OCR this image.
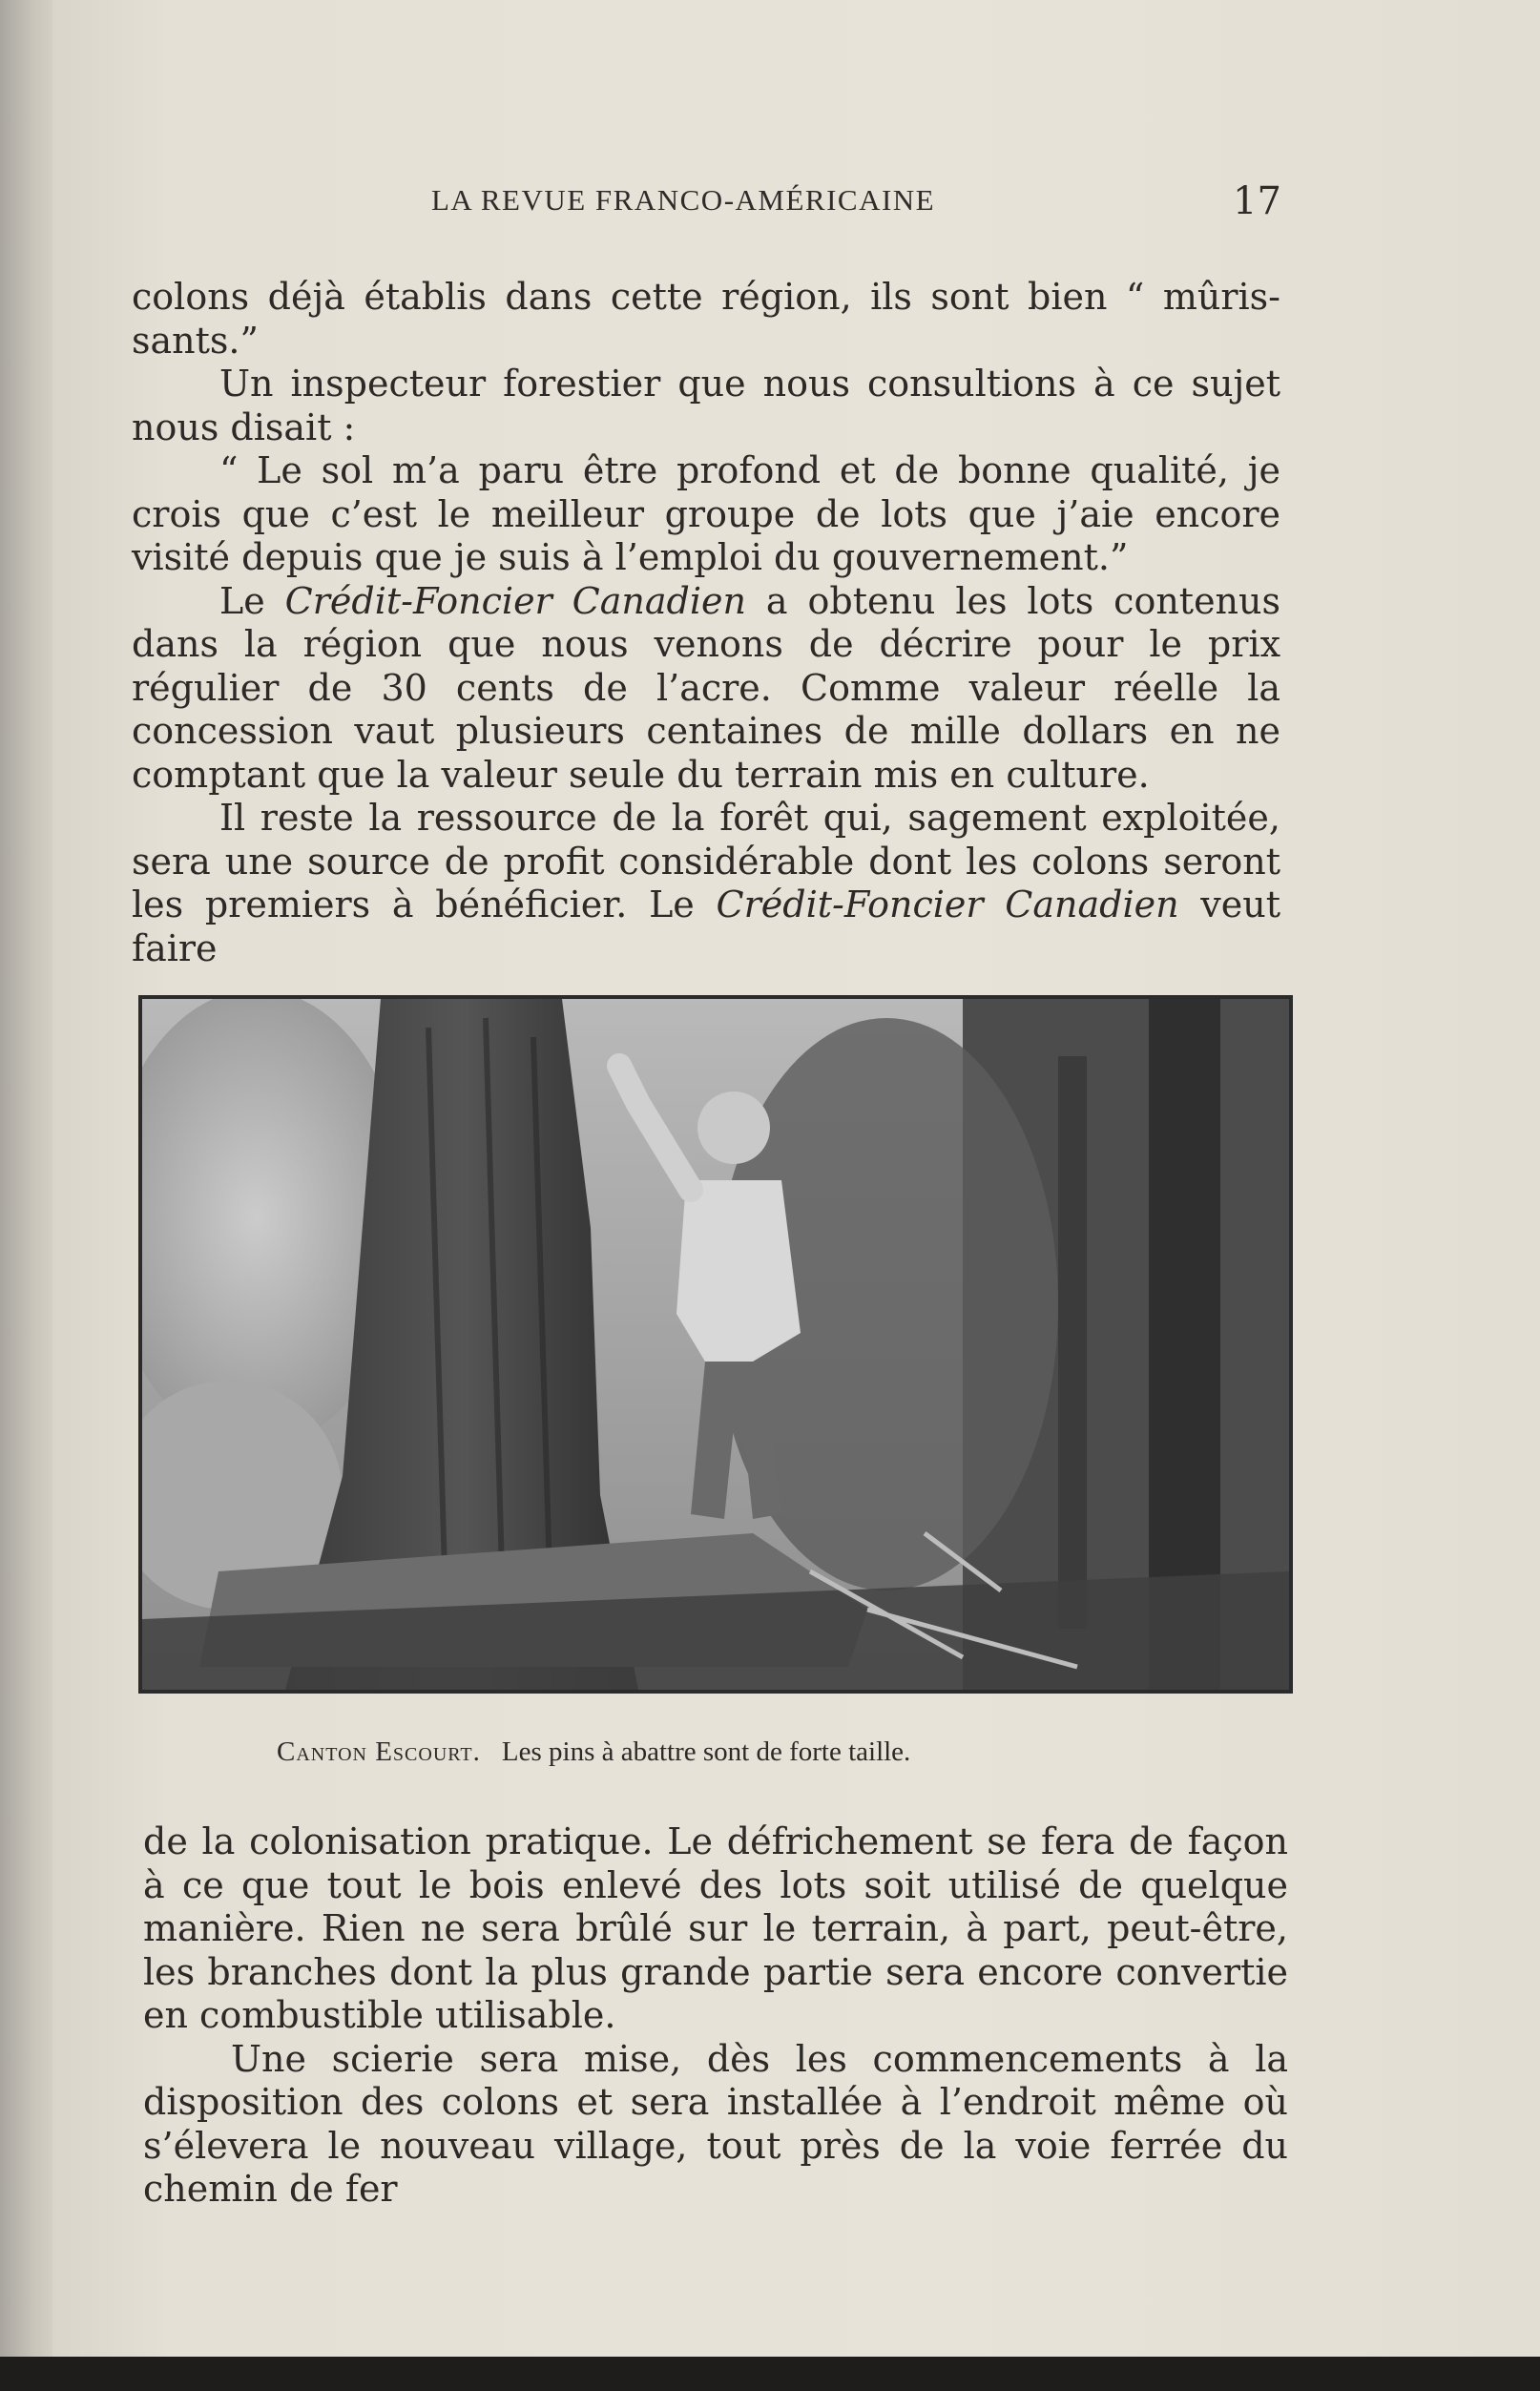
LA REVUE FRANCO-AMÉRICAINE	17

colons déjà établis dans cette région, ils sont bien “ mûris-sants.”

Un inspecteur forestier que nous consultions à ce sujet nous disait :

“ Le sol m’a paru être profond et de bonne qualité, je crois que c’est le meilleur groupe de lots que j’aie encore visité depuis que je suis à l’emploi du gouvernement.”

Le Crédit-Foncier Canadien a obtenu les lots contenus dans la région que nous venons de décrire pour le prix régulier de 30 cents de l’acre. Comme valeur réelle la concession vaut plusieurs centaines de mille dollars en ne comptant que la valeur seule du terrain mis en culture.

Il reste la ressource de la forêt qui, sagement exploitée, sera une source de profit considérable dont les colons seront les premiers à bénéficier. Le Crédit-Foncier Canadien veut faire

Canton Escourt. Les pins à abattre sont de forte taille.

de la colonisation pratique. Le défrichement se fera de façon à ce que tout le bois enlevé des lots soit utilisé de quelque manière. Rien ne sera brûlé sur le terrain, à part, peut-être, les branches dont la plus grande partie sera encore convertie en combustible utilisable.

Une scierie sera mise, dès les commencements à la disposition des colons et sera installée à l’endroit même où s’élevera le nouveau village, tout près de la voie ferrée du chemin de fer
